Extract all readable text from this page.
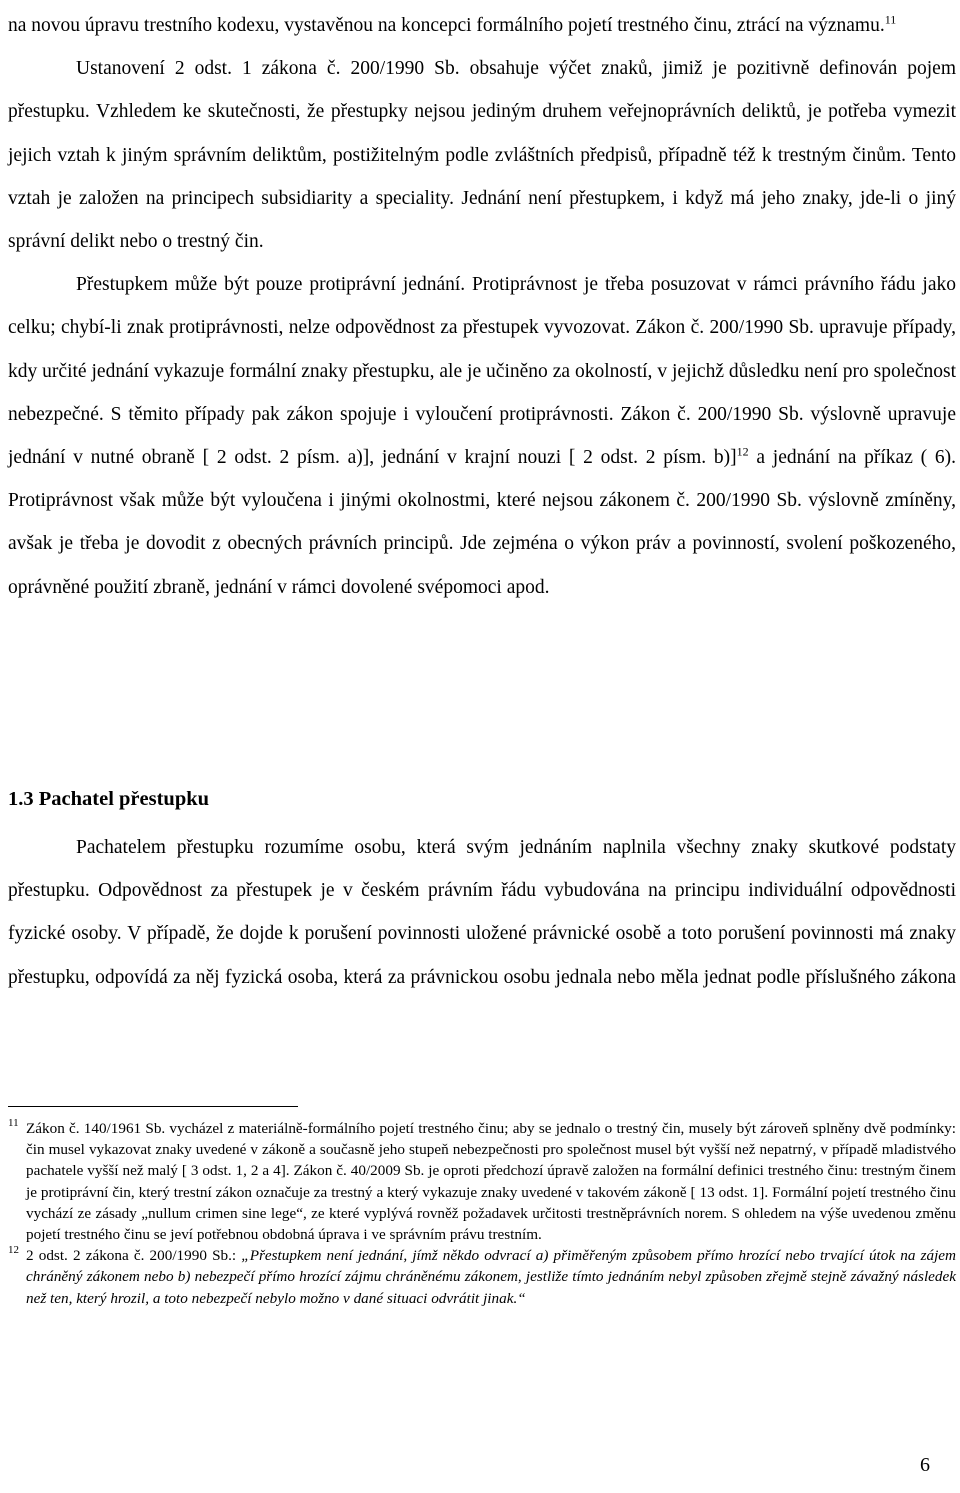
na novou úpravu trestního kodexu, vystavěnou na koncepci formálního pojetí trestného činu, ztrácí na významu.$^{11}$

Ustanovení 2 odst. 1 zákona č. 200/1990 Sb. obsahuje výčet znaků, jimiž je pozitivně definován pojem přestupku. Vzhledem ke skutečnosti, že přestupky nejsou jediným druhem veřejnoprávních deliktů, je potřeba vymezit jejich vztah k jiným správním deliktům, postižitelným podle zvláštních předpisů, případně též k trestným činům. Tento vztah je založen na principech subsidiarity a speciality. Jednání není přestupkem, i když má jeho znaky, jde-li o jiný správní delikt nebo o trestný čin.

Přestupkem může být pouze protiprávní jednání. Protiprávnost je třeba posuzovat v rámci právního řádu jako celku; chybí-li znak protiprávnosti, nelze odpovědnost za přestupek vyvozovat. Zákon č. 200/1990 Sb. upravuje případy, kdy určité jednání vykazuje formální znaky přestupku, ale je učiněno za okolností, v jejichž důsledku není pro společnost nebezpečné. S těmito případy pak zákon spojuje i vyloučení protiprávnosti. Zákon č. 200/1990 Sb. výslovně upravuje jednání v nutné obraně [ 2 odst. 2 písm. a)], jednání v krajní nouzi [ 2 odst. 2 písm. b)]$^{12}$ a jednání na příkaz ( 6). Protiprávnost však může být vyloučena i jinými okolnostmi, které nejsou zákonem č. 200/1990 Sb. výslovně zmíněny, avšak je třeba je dovodit z obecných právních principů. Jde zejména o výkon práv a povinností, svolení poškozeného, oprávněné použití zbraně, jednání v rámci dovolené svépomoci apod.

1.3 Pachatel přestupku

Pachatelem přestupku rozumíme osobu, která svým jednáním naplnila všechny znaky skutkové podstaty přestupku. Odpovědnost za přestupek je v českém právním řádu vybudována na principu individuální odpovědnosti fyzické osoby. V případě, že dojde k porušení povinnosti uložené právnické osobě a toto porušení povinnosti má znaky přestupku, odpovídá za něj fyzická osoba, která za právnickou osobu jednala nebo měla jednat podle příslušného zákona

11 Zákon č. 140/1961 Sb. vycházel z materiálně-formálního pojetí trestného činu; aby se jednalo o trestný čin, musely být zároveň splněny dvě podmínky: čin musel vykazovat znaky uvedené v zákoně a současně jeho stupeň nebezpečnosti pro společnost musel být vyšší než nepatrný, v případě mladistvého pachatele vyšší než malý [ 3 odst. 1, 2 a 4]. Zákon č. 40/2009 Sb. je oproti předchozí úpravě založen na formální definici trestného činu: trestným činem je protiprávní čin, který trestní zákon označuje za trestný a který vykazuje znaky uvedené v takovém zákoně [ 13 odst. 1]. Formální pojetí trestného činu vychází ze zásady „nullum crimen sine lege“, ze které vyplývá rovněž požadavek určitosti trestněprávních norem. S ohledem na výše uvedenou změnu pojetí trestného činu se jeví potřebnou obdobná úprava i ve správním právu trestním.

12 2 odst. 2 zákona č. 200/1990 Sb.: „Přestupkem není jednání, jímž někdo odvrací a) přiměřeným způsobem přímo hrozící nebo trvající útok na zájem chráněný zákonem nebo b) nebezpečí přímo hrozící zájmu chráněnému zákonem, jestliže tímto jednáním nebyl způsoben zřejmě stejně závažný následek než ten, který hrozil, a toto nebezpečí nebylo možno v dané situaci odvrátit jinak.“

6
